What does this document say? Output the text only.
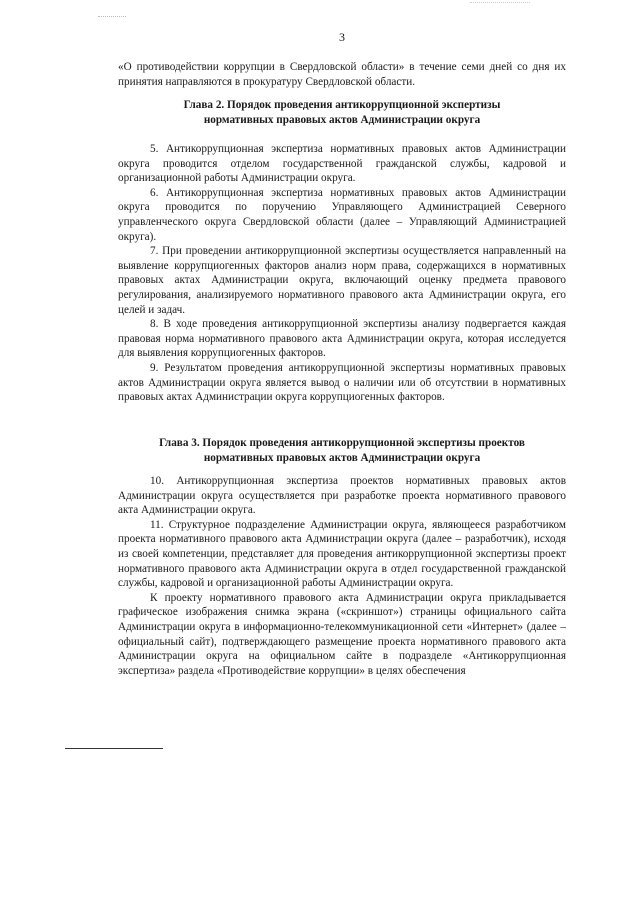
3

«О противодействии коррупции в Свердловской области» в течение семи дней со дня их принятия направляются в прокуратуру Свердловской области.

Глава 2. Порядок проведения антикоррупционной экспертизы
нормативных правовых актов Администрации округа

5. Антикоррупционная экспертиза нормативных правовых актов Администрации округа проводится отделом государственной гражданской службы, кадровой и организационной работы Администрации округа.

6. Антикоррупционная экспертиза нормативных правовых актов Администрации округа проводится по поручению Управляющего Администрацией Северного управленческого округа Свердловской области (далее – Управляющий Администрацией округа).

7. При проведении антикоррупционной экспертизы осуществляется направленный на выявление коррупциогенных факторов анализ норм права, содержащихся в нормативных правовых актах Администрации округа, включающий оценку предмета правового регулирования, анализируемого нормативного правового акта Администрации округа, его целей и задач.

8. В ходе проведения антикоррупционной экспертизы анализу подвергается каждая правовая норма нормативного правового акта Администрации округа, которая исследуется для выявления коррупциогенных факторов.

9. Результатом проведения антикоррупционной экспертизы нормативных правовых актов Администрации округа является вывод о наличии или об отсутствии в нормативных правовых актах Администрации округа коррупциогенных факторов.

Глава 3. Порядок проведения антикоррупционной экспертизы проектов
нормативных правовых актов Администрации округа

10. Антикоррупционная экспертиза проектов нормативных правовых актов Администрации округа осуществляется при разработке проекта нормативного правового акта Администрации округа.

11. Структурное подразделение Администрации округа, являющееся разработчиком проекта нормативного правового акта Администрации округа (далее – разработчик), исходя из своей компетенции, представляет для проведения антикоррупционной экспертизы проект нормативного правового акта Администрации округа в отдел государственной гражданской службы, кадровой и организационной работы Администрации округа.

К проекту нормативного правового акта Администрации округа прикладывается графическое изображения снимка экрана («скриншот») страницы официального сайта Администрации округа в информационно-телекоммуникационной сети «Интернет» (далее – официальный сайт), подтверждающего размещение проекта нормативного правового акта Администрации округа на официальном сайте в подразделе «Антикоррупционная экспертиза» раздела «Противодействие коррупции» в целях обеспечения
